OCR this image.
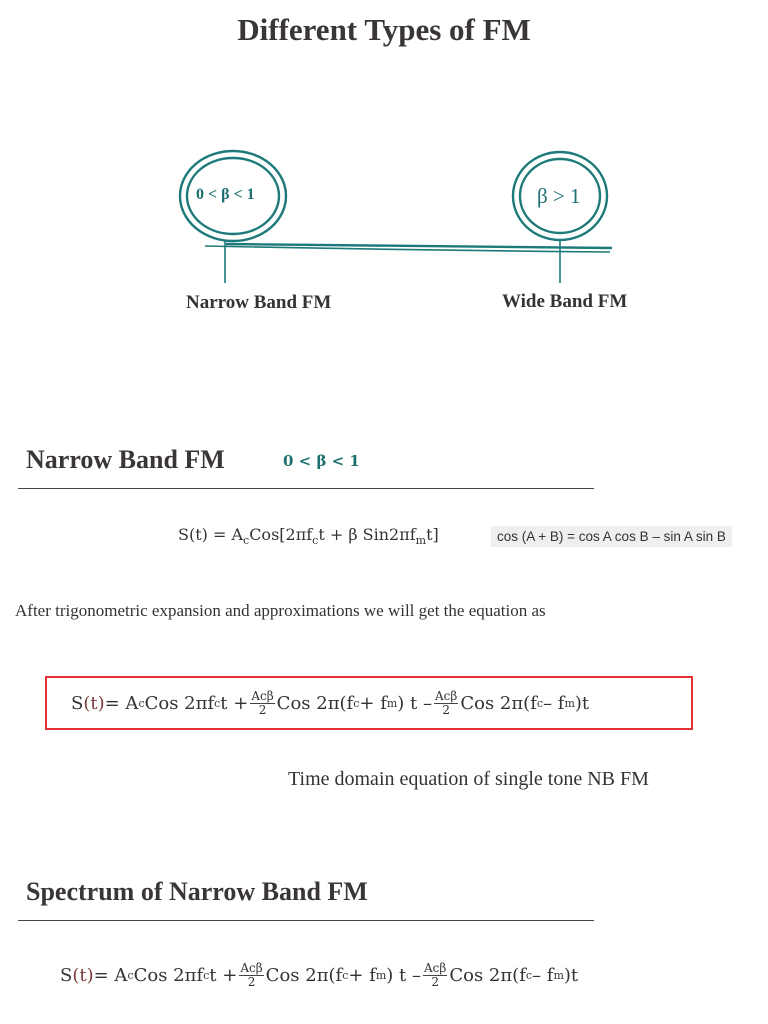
Different Types of FM
0 < β < 1	β > 1
Narrow Band FM	Wide Band FM
Narrow Band FM	0 < β < 1
$S(t) = A_cCos[2\pi f_ct + \beta$ $Sin2\pi f_mt$]	cos (A + B) = cos A cos B – sin A sin B
After trigonometric expansion and approximations we will get the equation as
S (t) = A c Cos 2πf c $t + \frac{\text{Acβ}}{2}$ Cos 2π(f c + f m ) t – $\frac{\text{Acβ}}{2}$ Cos 2π(f c – f m )t
Time domain equation of single tone NB FM
Spectrum of Narrow Band FM
S (t) = A c Cos 2πf c $t + \frac{\text{Acβ}}{2}$ Cos 2π(f c + f m ) t – $\frac{\text{Acβ}}{2}$ Cos 2π(f c – f m )t
